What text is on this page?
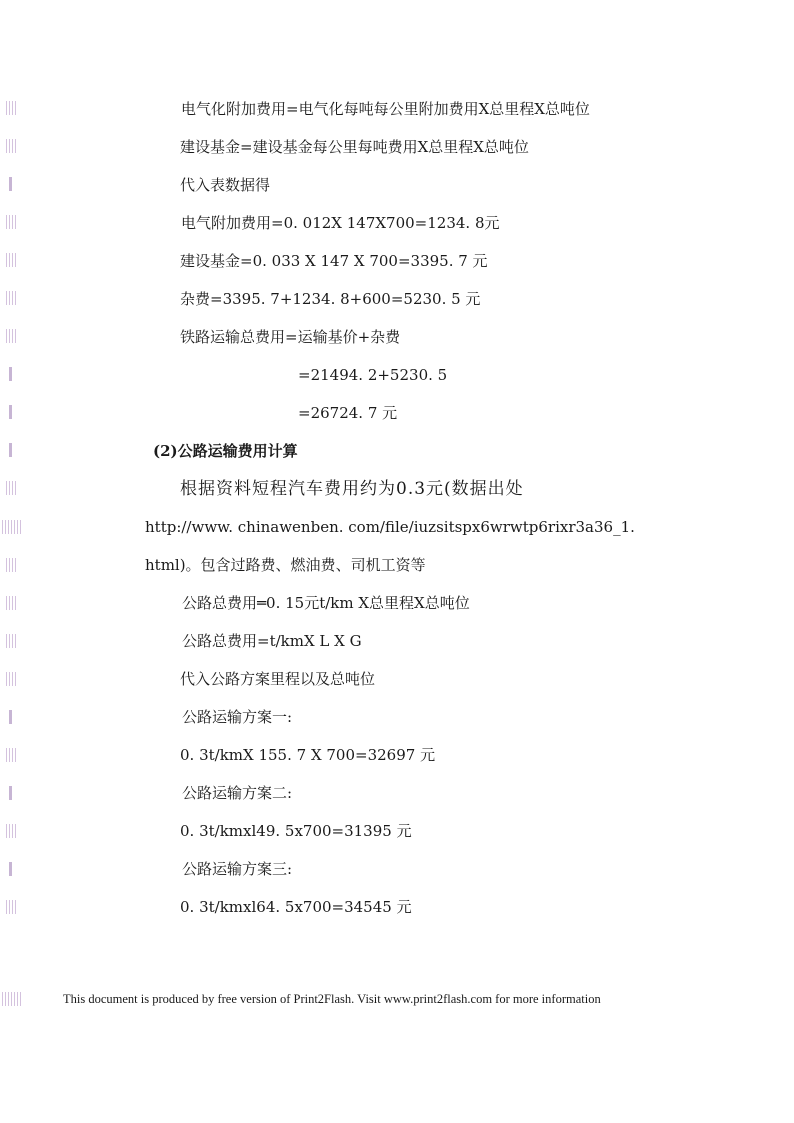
电气化附加费用=电气化每吨每公里附加费用X总里程X总吨位
建设基金=建设基金每公里每吨费用X总里程X总吨位
代入表数据得
电气附加费用=0. 012X 147X700=1234. 8元
建设基金=0. 033 X 147 X 700=3395. 7 元
杂费=3395. 7+1234. 8+600=5230. 5 元
铁路运输总费用=运输基价+杂费
=21494. 2+5230. 5
=26724. 7 元
(2)公路运输费用计算
根据资料短程汽车费用约为0.3元(数据出处
http://www. chinawenben. com/file/iuzsitspx6wrwtp6rixr3a36_1.
html)。包含过路费、燃油费、司机工资等
公路总费用═0. 15元t/km X总里程X总吨位
公路总费用=t/kmX L X G
代入公路方案里程以及总吨位
公路运输方案一:
0. 3t/kmX 155. 7 X 700=32697 元
公路运输方案二:
0. 3t/kmxl49. 5x700=31395 元
公路运输方案三:
0. 3t/kmxl64. 5x700=34545 元
This document is produced by free version of Print2Flash. Visit www.print2flash.com for more information
